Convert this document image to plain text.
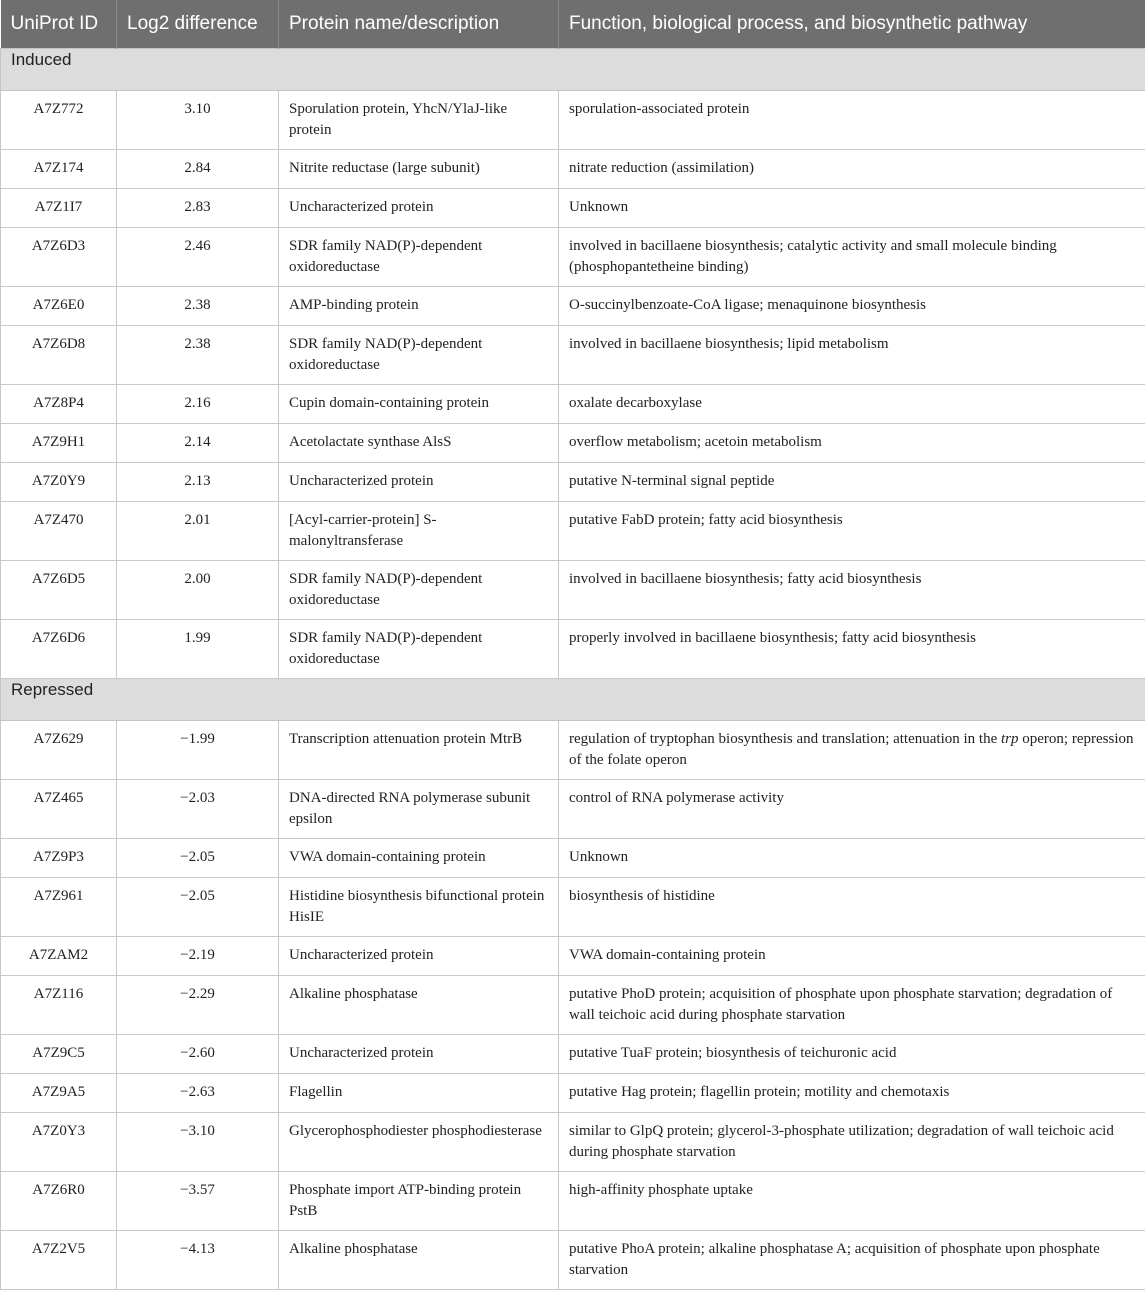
UniProt ID	Log2 difference	Protein name/description	Function, biological process, and biosynthetic pathway
Induced			
A7Z772	3.10	Sporulation protein, YhcN/YlaJ-like protein	sporulation-associated protein
A7Z174	2.84	Nitrite reductase (large subunit)	nitrate reduction (assimilation)
A7Z1I7	2.83	Uncharacterized protein	Unknown
A7Z6D3	2.46	SDR family NAD(P)-dependent oxidoreductase	involved in bacillaene biosynthesis; catalytic activity and small molecule binding (phosphopantetheine binding)
A7Z6E0	2.38	AMP-binding protein	O-succinylbenzoate-CoA ligase; menaquinone biosynthesis
A7Z6D8	2.38	SDR family NAD(P)-dependent oxidoreductase	involved in bacillaene biosynthesis; lipid metabolism
A7Z8P4	2.16	Cupin domain-containing protein	oxalate decarboxylase
A7Z9H1	2.14	Acetolactate synthase AlsS	overflow metabolism; acetoin metabolism
A7Z0Y9	2.13	Uncharacterized protein	putative N-terminal signal peptide
A7Z470	2.01	[Acyl-carrier-protein] S-malonyltransferase	putative FabD protein; fatty acid biosynthesis
A7Z6D5	2.00	SDR family NAD(P)-dependent oxidoreductase	involved in bacillaene biosynthesis; fatty acid biosynthesis
A7Z6D6	1.99	SDR family NAD(P)-dependent oxidoreductase	properly involved in bacillaene biosynthesis; fatty acid biosynthesis
Repressed			
A7Z629	−1.99	Transcription attenuation protein MtrB	regulation of tryptophan biosynthesis and translation; attenuation in the trp operon; repression of the folate operon
A7Z465	−2.03	DNA-directed RNA polymerase subunit epsilon	control of RNA polymerase activity
A7Z9P3	−2.05	VWA domain-containing protein	Unknown
A7Z961	−2.05	Histidine biosynthesis bifunctional protein HisIE	biosynthesis of histidine
A7ZAM2	−2.19	Uncharacterized protein	VWA domain-containing protein
A7Z116	−2.29	Alkaline phosphatase	putative PhoD protein; acquisition of phosphate upon phosphate starvation; degradation of wall teichoic acid during phosphate starvation
A7Z9C5	−2.60	Uncharacterized protein	putative TuaF protein; biosynthesis of teichuronic acid
A7Z9A5	−2.63	Flagellin	putative Hag protein; flagellin protein; motility and chemotaxis
A7Z0Y3	−3.10	Glycerophosphodiester phosphodiesterase	similar to GlpQ protein; glycerol-3-phosphate utilization; degradation of wall teichoic acid during phosphate starvation
A7Z6R0	−3.57	Phosphate import ATP-binding protein PstB	high-affinity phosphate uptake
A7Z2V5	−4.13	Alkaline phosphatase	putative PhoA protein; alkaline phosphatase A; acquisition of phosphate upon phosphate starvation
